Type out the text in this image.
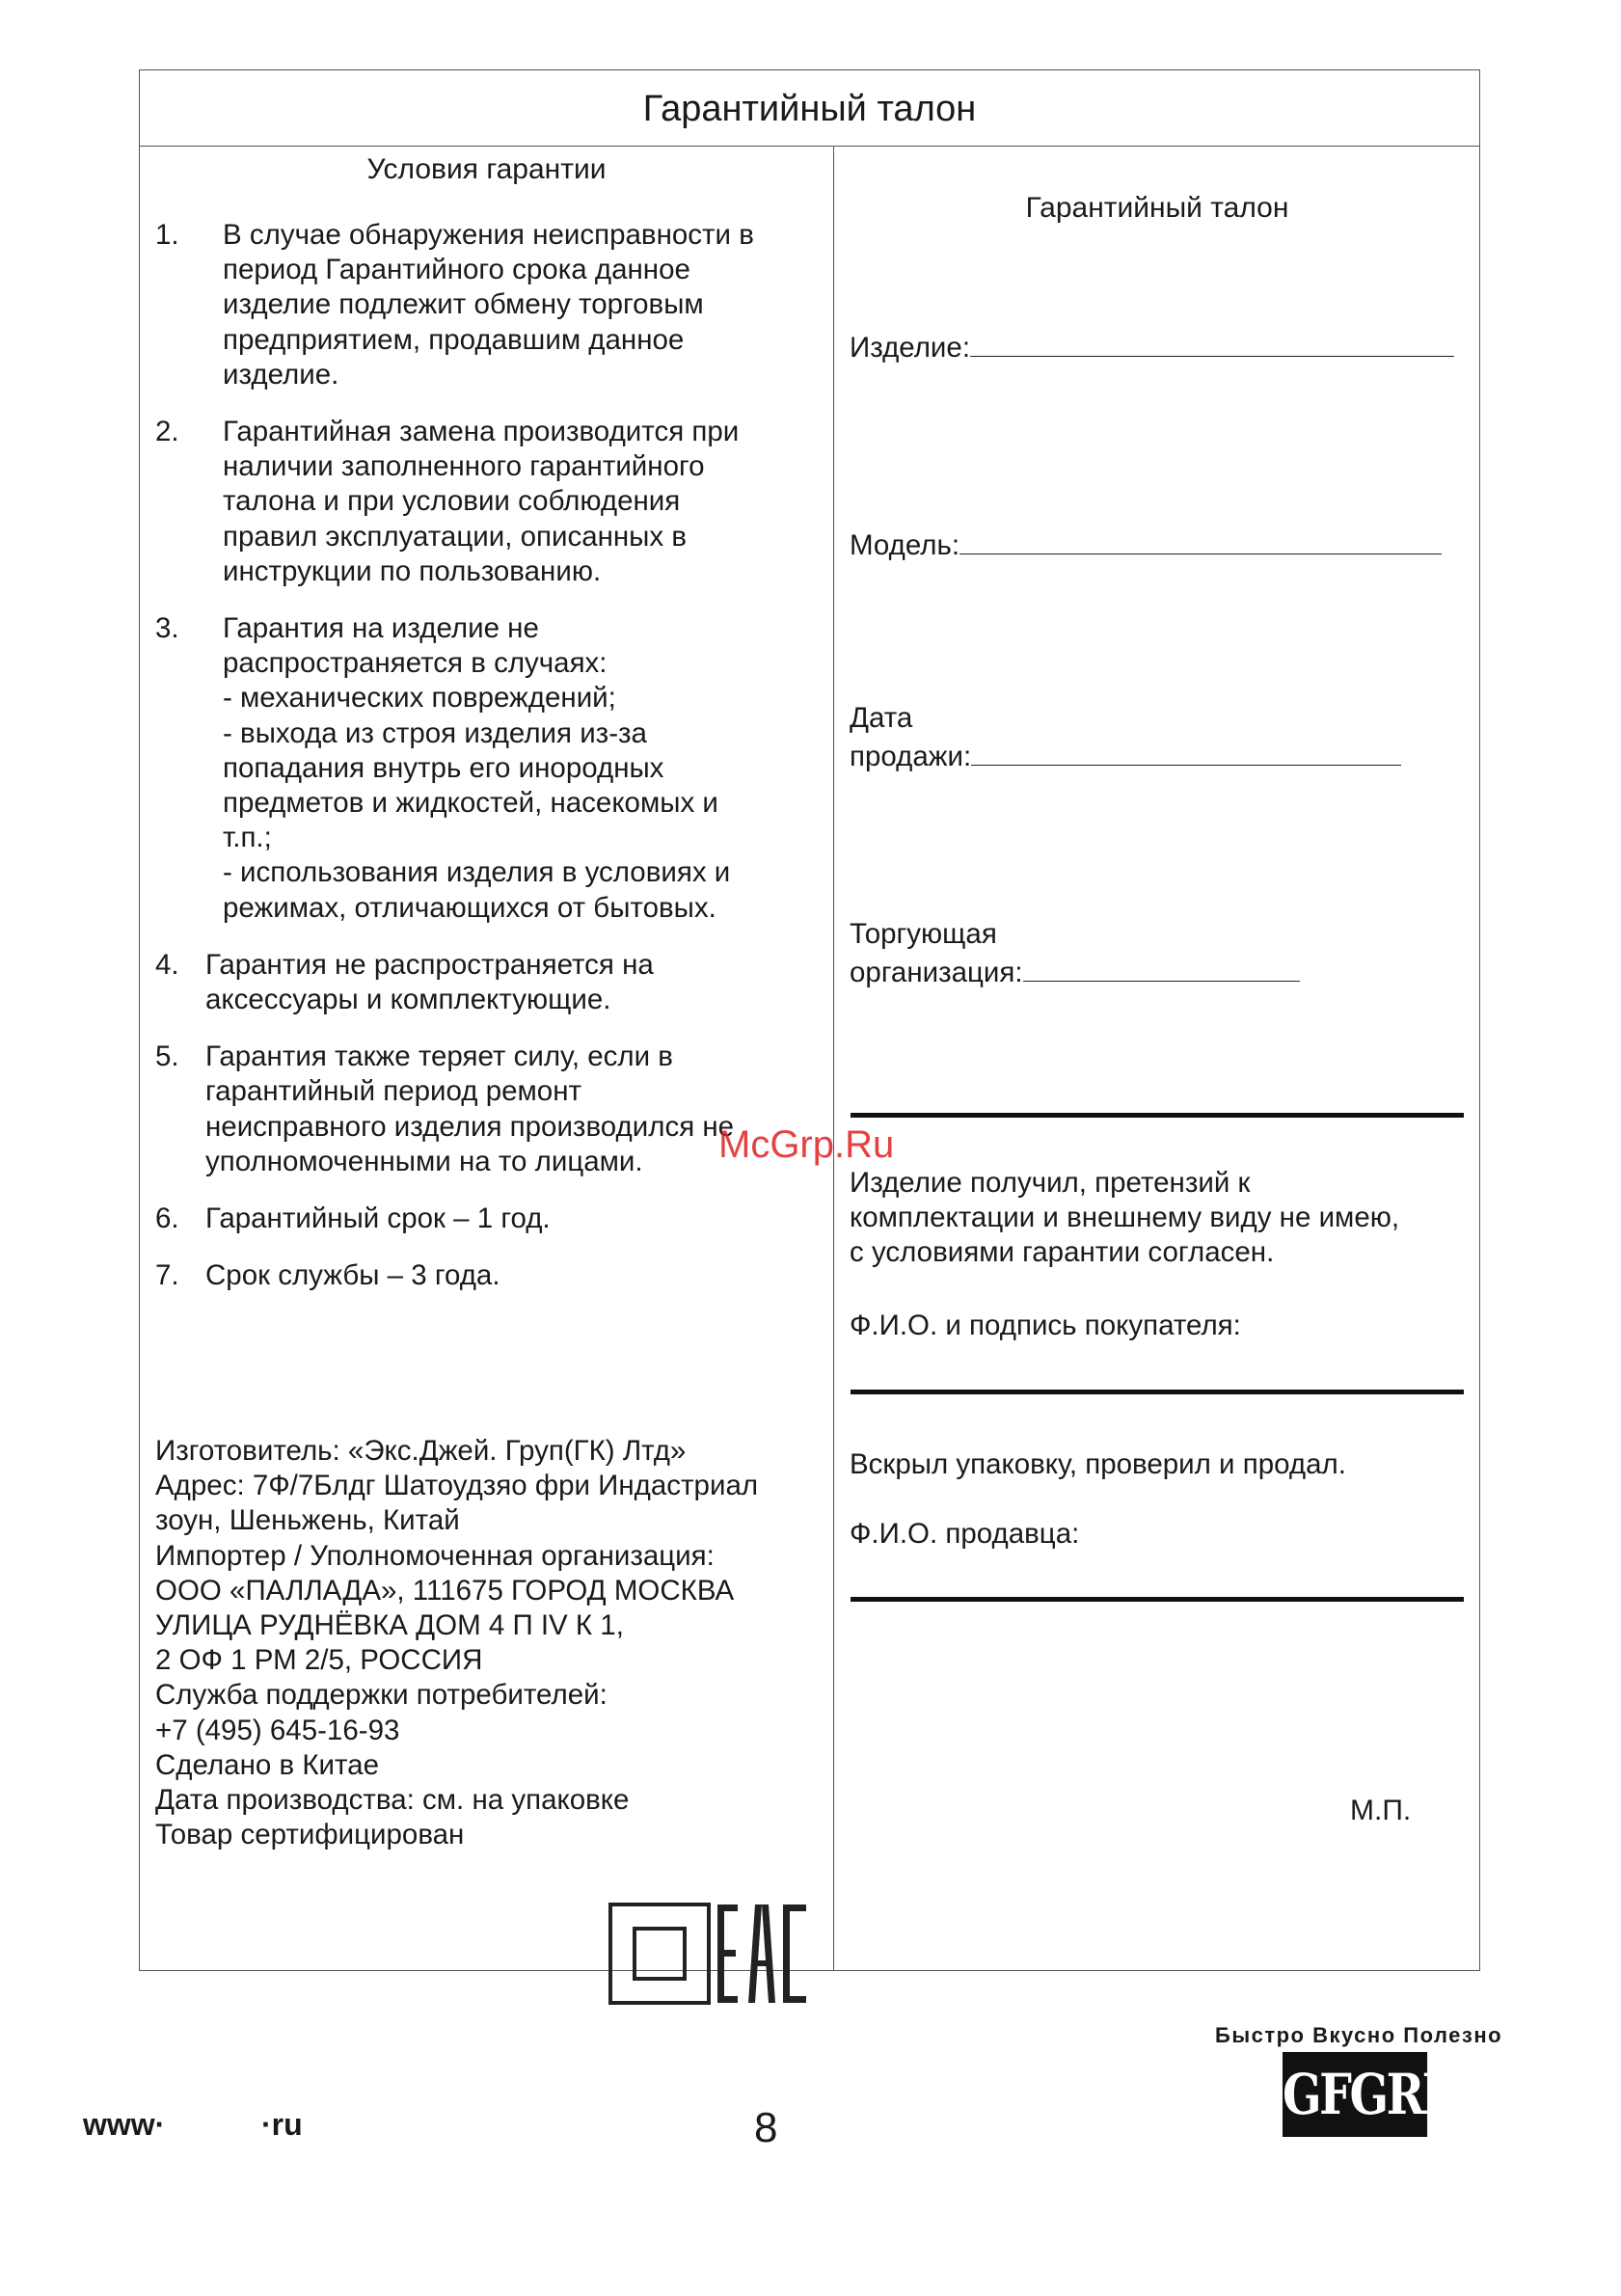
Гарантийный талон
Условия гарантии
1.	В случае обнаружения неисправности в
период Гарантийного срока данное
изделие подлежит обмену торговым
предприятием, продавшим данное
изделие.
2.	Гарантийная замена производится при
наличии заполненного гарантийного
талона и при условии соблюдения
правил эксплуатации, описанных в
инструкции по пользованию.
3.	Гарантия на изделие не
распространяется в случаях:
- механических повреждений;
- выхода из строя изделия из-за
попадания внутрь его инородных
предметов и жидкостей, насекомых и
т.п.;
- использования изделия в условиях и
режимах, отличающихся от бытовых.
4. Гарантия не распространяется на
аксессуары и комплектующие.
5. Гарантия также теряет силу, если в
гарантийный период ремонт
неисправного изделия производился не
уполномоченными на то лицами.
6. Гарантийный срок – 1 год.
7. Срок службы – 3 года.
Изготовитель: «Экс.Джей. Груп(ГК) Лтд»
Адрес: 7Ф/7Блдг Шатоудзяо фри Индастриал
зоун, Шеньжень, Китай
Импортер / Уполномоченная организация:
ООО «ПАЛЛАДА», 111675 ГОРОД МОСКВА
УЛИЦА РУДНЁВКА ДОМ 4 П IV К 1,
2 ОФ 1 РМ 2/5, РОССИЯ
Служба поддержки потребителей:
+7 (495) 645-16-93
Сделано в Китае
Дата производства: см. на упаковке
Товар сертифицирован
Гарантийный талон
Изделие:
Модель:
Дата
продажи:
Торгующая
организация:
Изделие получил, претензий к
комплектации и внешнему виду не имею,
с условиями гарантии согласен.
Ф.И.О. и подпись покупателя:
Вскрыл упаковку, проверил и продал.
Ф.И.О. продавца:
М.П.
McGrp.Ru
www·	·ru	8
Быстро Вкусно Полезно
GFGRIL
